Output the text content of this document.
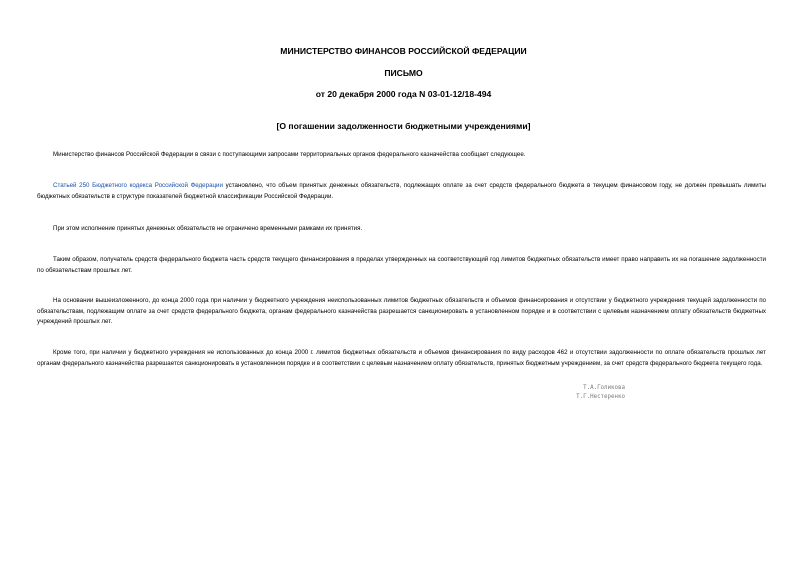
МИНИСТЕРСТВО ФИНАНСОВ РОССИЙСКОЙ ФЕДЕРАЦИИ
ПИСЬМО
от 20 декабря 2000 года N 03-01-12/18-494
[О погашении задолженности бюджетными учреждениями]

Министерство финансов Российской Федерации в связи с поступающими запросами территориальных органов федерального казначейства сообщает следующее.

Статьей 250 Бюджетного кодекса Российской Федерации установлено, что объем принятых денежных обязательств, подлежащих оплате за счет средств федерального бюджета в текущем финансовом году, не должен превышать лимиты бюджетных обязательств в структуре показателей бюджетной классификации Российской Федерации.

При этом исполнение принятых денежных обязательств не ограничено временными рамками их принятия.

Таким образом, получатель средств федерального бюджета часть средств текущего финансирования в пределах утвержденных на соответствующий год лимитов бюджетных обязательств имеет право направить их на погашение задолженности по обязательствам прошлых лет.

На основании вышеизложенного, до конца 2000 года при наличии у бюджетного учреждения неиспользованных лимитов бюджетных обязательств и объемов финансирования и отсутствии у бюджетного учреждения текущей задолженности по обязательствам, подлежащим оплате за счет средств федерального бюджета, органам федерального казначейства разрешается санкционировать в установленном порядке и в соответствии с целевым назначением оплату обязательств бюджетных учреждений прошлых лет.

Кроме того, при наличии у бюджетного учреждения не использованных до конца 2000 г. лимитов бюджетных обязательств и объемов финансирования по виду расходов 462 и отсутствии задолженности по оплате обязательств прошлых лет органам федерального казначейства разрешается санкционировать в установленном порядке и в соответствии с целевым назначением оплату обязательств, принятых бюджетным учреждением, за счет средств федерального бюджета текущего года.

Т.А.Голикова
Т.Г.Нестеренко
